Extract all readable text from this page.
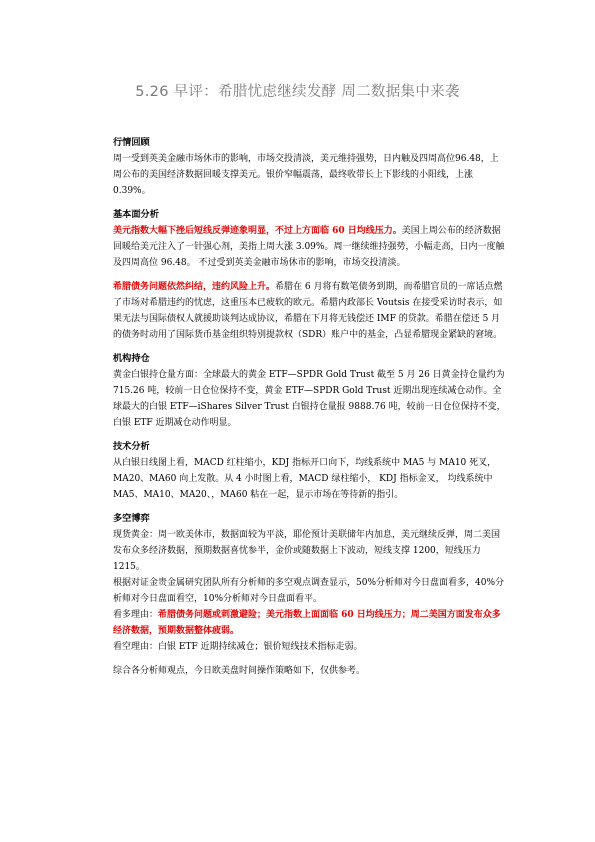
5.26 早评：希腊忧虑继续发酵 周二数据集中来袭
行情回顾

周一受到英美金融市场休市的影响，市场交投清淡，美元维持强势，日内触及四周高位96.48，上周公布的美国经济数据回暖支撑美元。银价窄幅震荡，最终收带长上下影线的小阳线，上涨0.39%。

基本面分析

美元指数大幅下挫后短线反弹迹象明显，不过上方面临 60 日均线压力。美国上周公布的经济数据回暖给美元注入了一针强心剂，美指上周大涨 3.09%。周一继续维持强势，小幅走高，日内一度触及四周高位 96.48。 不过受到英美金融市场休市的影响，市场交投清淡。

希腊债务问题依然纠结，违约风险上升。希腊在 6 月将有数笔债务到期，而希腊官员的一席话点燃了市场对希腊违约的忧虑，这重压本已疲软的欧元。希腊内政部长 Voutsis 在接受采访时表示，如果无法与国际债权人就援助谈判达成协议，希腊在下月将无钱偿还 IMF 的贷款。希腊在偿还 5 月的债务时动用了国际货币基金组织特别提款权（SDR）账户中的基金，凸显希腊现金紧缺的窘境。

机构持仓

黄金白银持仓量方面：全球最大的黄金 ETF—SPDR Gold Trust 截至 5 月 26 日黄金持仓量约为 715.26 吨，较前一日仓位保持不变，黄金 ETF—SPDR Gold Trust 近期出现连续减仓动作。全球最大的白银 ETF—iShares Silver Trust 白银持仓量报 9888.76 吨，较前一日仓位保持不变，白银 ETF 近期减仓动作明显。

技术分析

从白银日线图上看，MACD 红柱缩小，KDJ 指标开口向下，均线系统中 MA5 与 MA10 死叉，MA20、MA60 向上发散。从 4 小时图上看，MACD 绿柱缩小， KDJ 指标金叉， 均线系统中 MA5、MA10、MA20、，MA60 粘在一起，显示市场在等待新的指引。

多空博弈

现货黄金：周一欧美休市，数据面较为平淡，耶伦预计美联储年内加息，美元继续反弹，周二美国发布众多经济数据，预期数据喜忧参半，金价或随数据上下波动，短线支撑 1200，短线压力 1215。

根据对证金贵金属研究团队所有分析师的多空观点调查显示，50%分析师对今日盘面看多，40%分析师对今日盘面看空，10%分析师对今日盘面看平。

看多理由：希腊债务问题或刺激避险；美元指数上面面临 60 日均线压力；周二美国方面发布众多经济数据，预期数据整体疲弱。

看空理由：白银 ETF 近期持续减仓；银价短线技术指标走弱。

综合各分析师观点，今日欧美盘时间操作策略如下，仅供参考。
